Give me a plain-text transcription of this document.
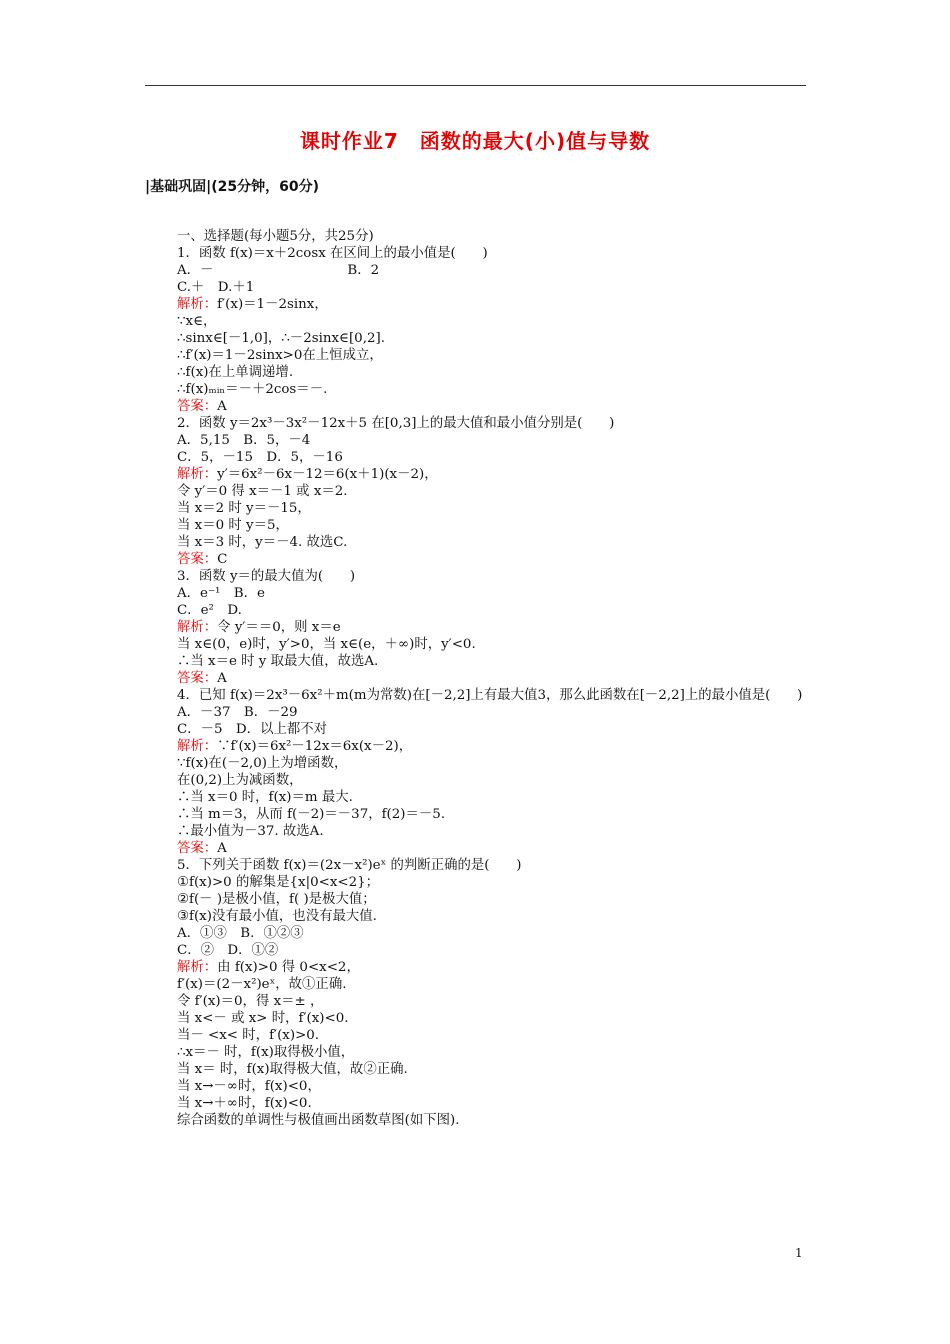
课时作业7　函数的最大(小)值与导数
|基础巩固|(25分钟，60分)
一、选择题(每小题5分，共25分)
1．函数 f(x)＝x＋2cosx 在区间上的最小值是(　　)
A．－　　　　　　　　　　B．2
C.＋　D.＋1
解析：f′(x)＝1－2sinx，
∵x∈，
∴sinx∈[－1,0]，∴－2sinx∈[0,2].
∴f′(x)＝1－2sinx>0在上恒成立，
∴f(x)在上单调递增.
∴f(x)ₘᵢₙ＝－＋2cos＝－.
答案：A
2．函数 y＝2x³－3x²－12x＋5 在[0,3]上的最大值和最小值分别是(　　)
A．5,15　B．5，－4
C．5，－15　D．5，－16
解析：y′＝6x²－6x－12＝6(x＋1)(x－2)，
令 y′＝0 得 x＝－1 或 x＝2.
当 x＝2 时 y＝－15，
当 x＝0 时 y＝5，
当 x＝3 时，y＝－4. 故选C.
答案：C
3．函数 y＝的最大值为(　　)
A．e⁻¹　B．e
C．e²　D.
解析：令 y′＝＝0，则 x＝e
当 x∈(0，e)时，y′>0，当 x∈(e，＋∞)时，y′<0.
∴当 x＝e 时 y 取最大值，故选A.
答案：A
4．已知 f(x)＝2x³－6x²＋m(m为常数)在[－2,2]上有最大值3，那么此函数在[－2,2]上的最小值是(　　)
A．－37　B．－29
C．－5　D．以上都不对
解析：∵f′(x)＝6x²－12x＝6x(x－2)，
∵f(x)在(－2,0)上为增函数，
在(0,2)上为减函数，
∴当 x＝0 时，f(x)＝m 最大.
∴当 m＝3，从而 f(－2)＝－37，f(2)＝－5.
∴最小值为－37. 故选A.
答案：A
5．下列关于函数 f(x)＝(2x－x²)eˣ 的判断正确的是(　　)
①f(x)>0 的解集是{x|0<x<2}；
②f(－ )是极小值，f( )是极大值；
③f(x)没有最小值，也没有最大值.
A．①③　B．①②③
C．②　D．①②
解析：由 f(x)>0 得 0<x<2，
f′(x)＝(2－x²)eˣ，故①正确.
令 f′(x)＝0，得 x＝± ，
当 x<－ 或 x> 时，f′(x)<0.
当－ <x< 时，f′(x)>0.
∴x＝－ 时，f(x)取得极小值，
当 x＝ 时，f(x)取得极大值，故②正确.
当 x→－∞时，f(x)<0，
当 x→＋∞时，f(x)<0.
综合函数的单调性与极值画出函数草图(如下图).
1
